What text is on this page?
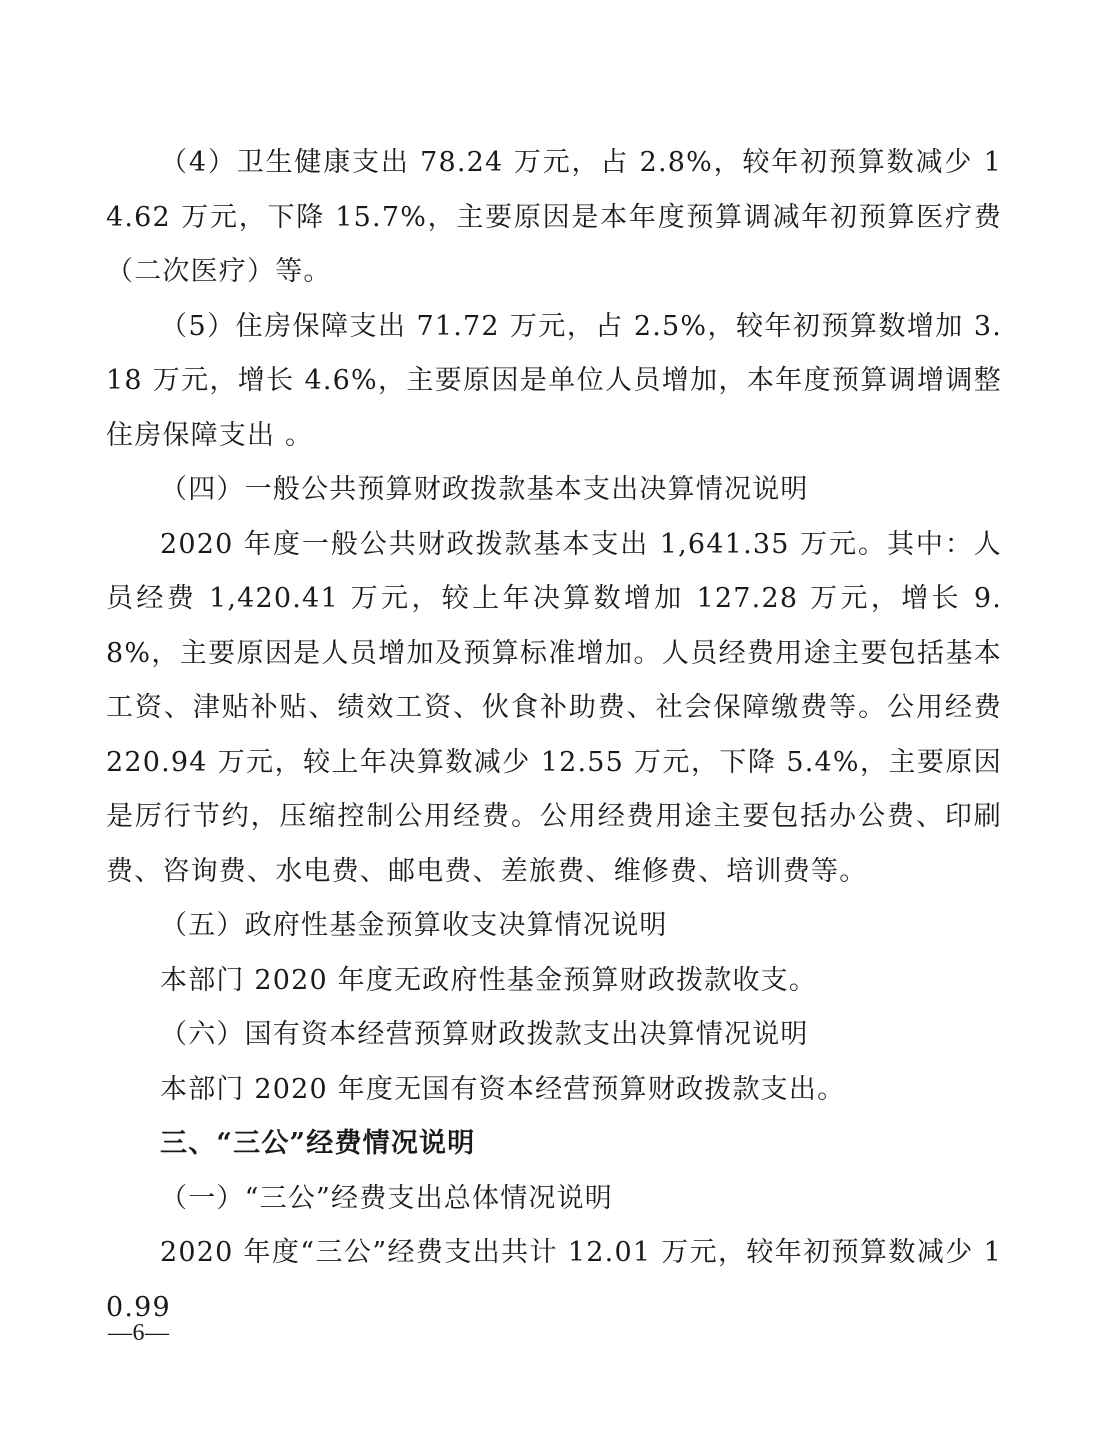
（4）卫生健康支出 78.24 万元，占 2.8%，较年初预算数减少 14.62 万元，下降 15.7%，主要原因是本年度预算调减年初预算医疗费（二次医疗）等。

（5）住房保障支出 71.72 万元，占 2.5%，较年初预算数增加 3.18 万元，增长 4.6%，主要原因是单位人员增加，本年度预算调增调整住房保障支出 。

（四）一般公共预算财政拨款基本支出决算情况说明

2020 年度一般公共财政拨款基本支出 1,641.35 万元。其中：人员经费 1,420.41 万元，较上年决算数增加 127.28 万元，增长 9.8%，主要原因是人员增加及预算标准增加。人员经费用途主要包括基本工资、津贴补贴、绩效工资、伙食补助费、社会保障缴费等。公用经费 220.94 万元，较上年决算数减少 12.55 万元，下降 5.4%，主要原因是厉行节约，压缩控制公用经费。公用经费用途主要包括办公费、印刷费、咨询费、水电费、邮电费、差旅费、维修费、培训费等。

（五）政府性基金预算收支决算情况说明

本部门 2020 年度无政府性基金预算财政拨款收支。

（六）国有资本经营预算财政拨款支出决算情况说明

本部门 2020 年度无国有资本经营预算财政拨款支出。

三、“三公”经费情况说明

（一）“三公”经费支出总体情况说明

2020 年度“三公”经费支出共计 12.01 万元，较年初预算数减少 10.99

—6—
